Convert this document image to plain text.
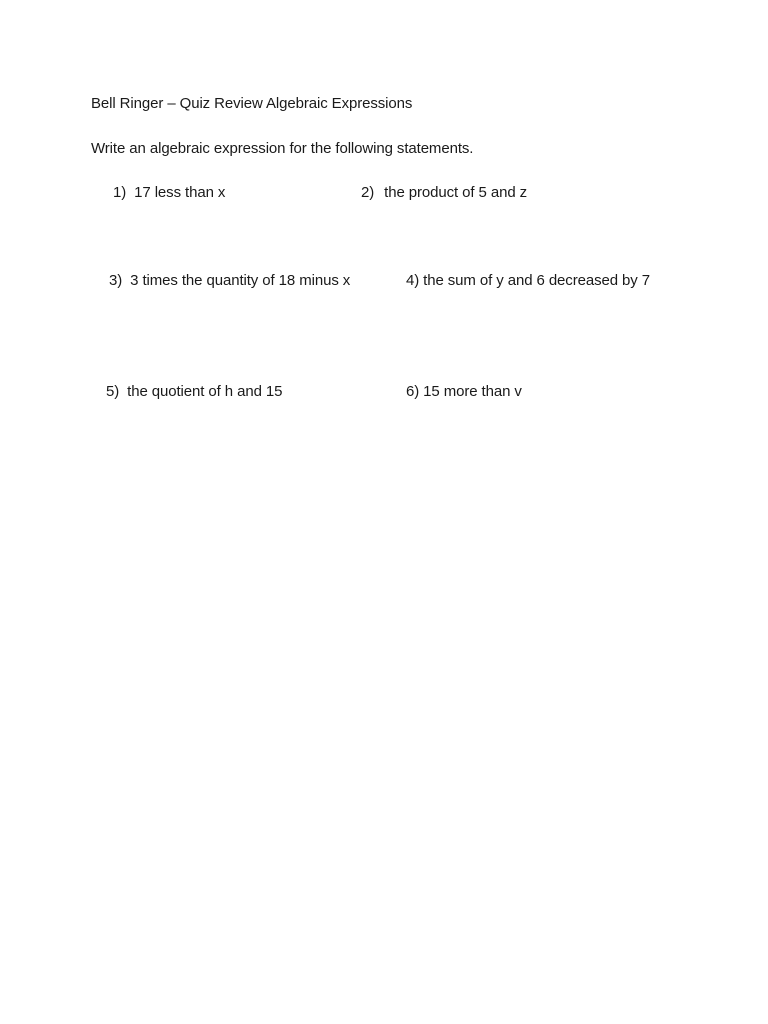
Bell Ringer – Quiz Review Algebraic Expressions
Write an algebraic expression for the following statements.
1) 17 less than x	2) the product of 5 and z
3) 3 times the quantity of 18 minus x	4) the sum of y and 6 decreased by 7
5) the quotient of h and 15	6) 15 more than v
